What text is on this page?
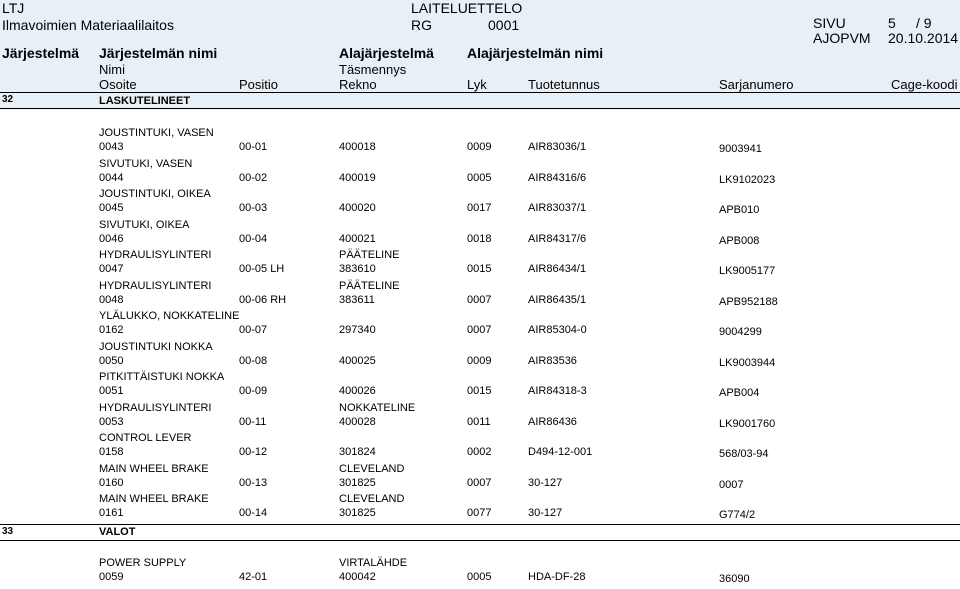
LTJ
Ilmavoimien Materiaalilaitos
LAITELUETTELO
RG	0001	SIVU	5 / 9
AJOPVM 20.10.2014
Järjestelmä Järjestelmän nimi	Alajärjestelmä Alajärjestelmän nimi
Nimi	Täsmennys
Osoite	Positio	Rekno	Lyk	Tuotetunnus	Sarjanumero	Cage-koodi
32	LASKUTELINEET
JOUSTINTUKI, VASEN
0043	00-01	400018	0009	AIR83036/1	9003941
SIVUTUKI, VASEN
0044	00-02	400019	0005	AIR84316/6	LK9102023
JOUSTINTUKI, OIKEA
0045	00-03	400020	0017	AIR83037/1	APB010
SIVUTUKI, OIKEA
0046	00-04	400021	0018	AIR84317/6	APB008
HYDRAULISYLINTERI	PÄÄTELINE
0047	00-05 LH	383610	0015	AIR86434/1	LK9005177
HYDRAULISYLINTERI	PÄÄTELINE
0048	00-06 RH	383611	0007	AIR86435/1	APB952188
YLÄLUKKO, NOKKATELINE
0162	00-07	297340	0007	AIR85304-0	9004299
JOUSTINTUKI NOKKA
0050	00-08	400025	0009	AIR83536	LK9003944
PITKITTÄISTUKI NOKKA
0051	00-09	400026	0015	AIR84318-3	APB004
HYDRAULISYLINTERI	NOKKATELINE
0053	00-11	400028	0011	AIR86436	LK9001760
CONTROL LEVER
0158	00-12	301824	0002	D494-12-001	568/03-94
MAIN WHEEL BRAKE	CLEVELAND
0160	00-13	301825	0007	30-127	0007
MAIN WHEEL BRAKE	CLEVELAND
0161	00-14	301825	0077	30-127	G774/2
33	VALOT
POWER SUPPLY	VIRTALÄHDE
0059	42-01	400042	0005	HDA-DF-28	36090
